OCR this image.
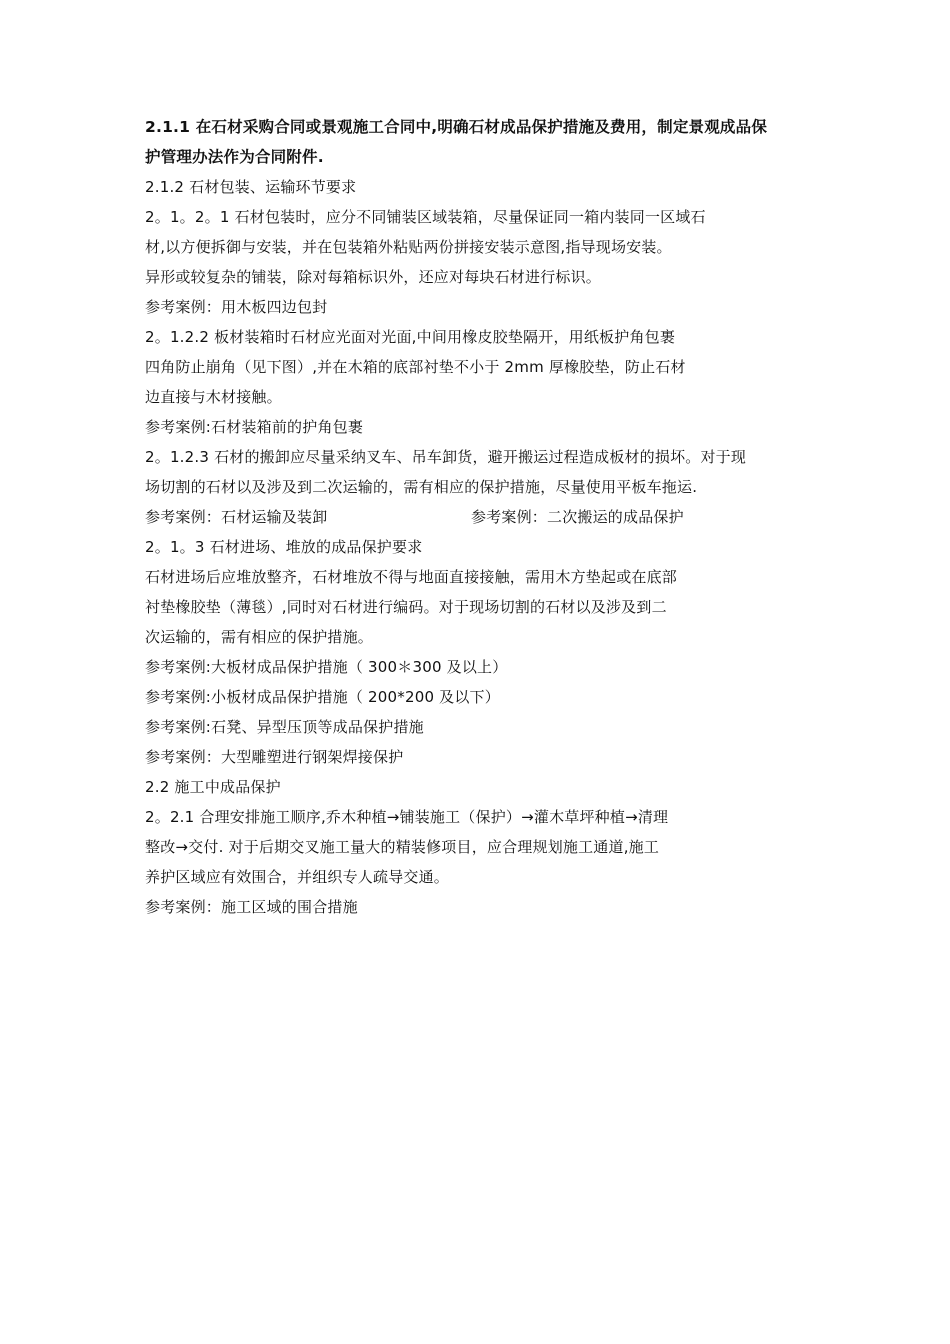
2.1.1 在石材采购合同或景观施工合同中,明确石材成品保护措施及费用，制定景观成品保
护管理办法作为合同附件.
2.1.2 石材包装、运输环节要求
2。1。2。1 石材包装时，应分不同铺装区域装箱，尽量保证同一箱内装同一区域石
材,以方便拆御与安装，并在包装箱外粘贴两份拼接安装示意图,指导现场安装。
异形或较复杂的铺装，除对每箱标识外，还应对每块石材进行标识。
参考案例：用木板四边包封
2。1.2.2 板材装箱时石材应光面对光面,中间用橡皮胶垫隔开，用纸板护角包裹
四角防止崩角（见下图）,并在木箱的底部衬垫不小于 2mm 厚橡胶垫，防止石材
边直接与木材接触。
参考案例:石材装箱前的护角包裹
2。1.2.3 石材的搬卸应尽量采纳叉车、吊车卸货，避开搬运过程造成板材的损坏。对于现
场切割的石材以及涉及到二次运输的，需有相应的保护措施，尽量使用平板车拖运.
参考案例：石材运输及装卸	参考案例：二次搬运的成品保护
2。1。3 石材进场、堆放的成品保护要求
石材进场后应堆放整齐，石材堆放不得与地面直接接触，需用木方垫起或在底部
衬垫橡胶垫（薄毯）,同时对石材进行编码。对于现场切割的石材以及涉及到二
次运输的，需有相应的保护措施。
参考案例:大板材成品保护措施（ 300＊300 及以上）
参考案例:小板材成品保护措施（ 200*200 及以下）
参考案例:石凳、异型压顶等成品保护措施
参考案例：大型雕塑进行钢架焊接保护
2.2 施工中成品保护
2。2.1 合理安排施工顺序,乔木种植→铺装施工（保护）→灌木草坪种植→清理
整改→交付. 对于后期交叉施工量大的精装修项目，应合理规划施工通道,施工
养护区域应有效围合，并组织专人疏导交通。
参考案例：施工区域的围合措施
